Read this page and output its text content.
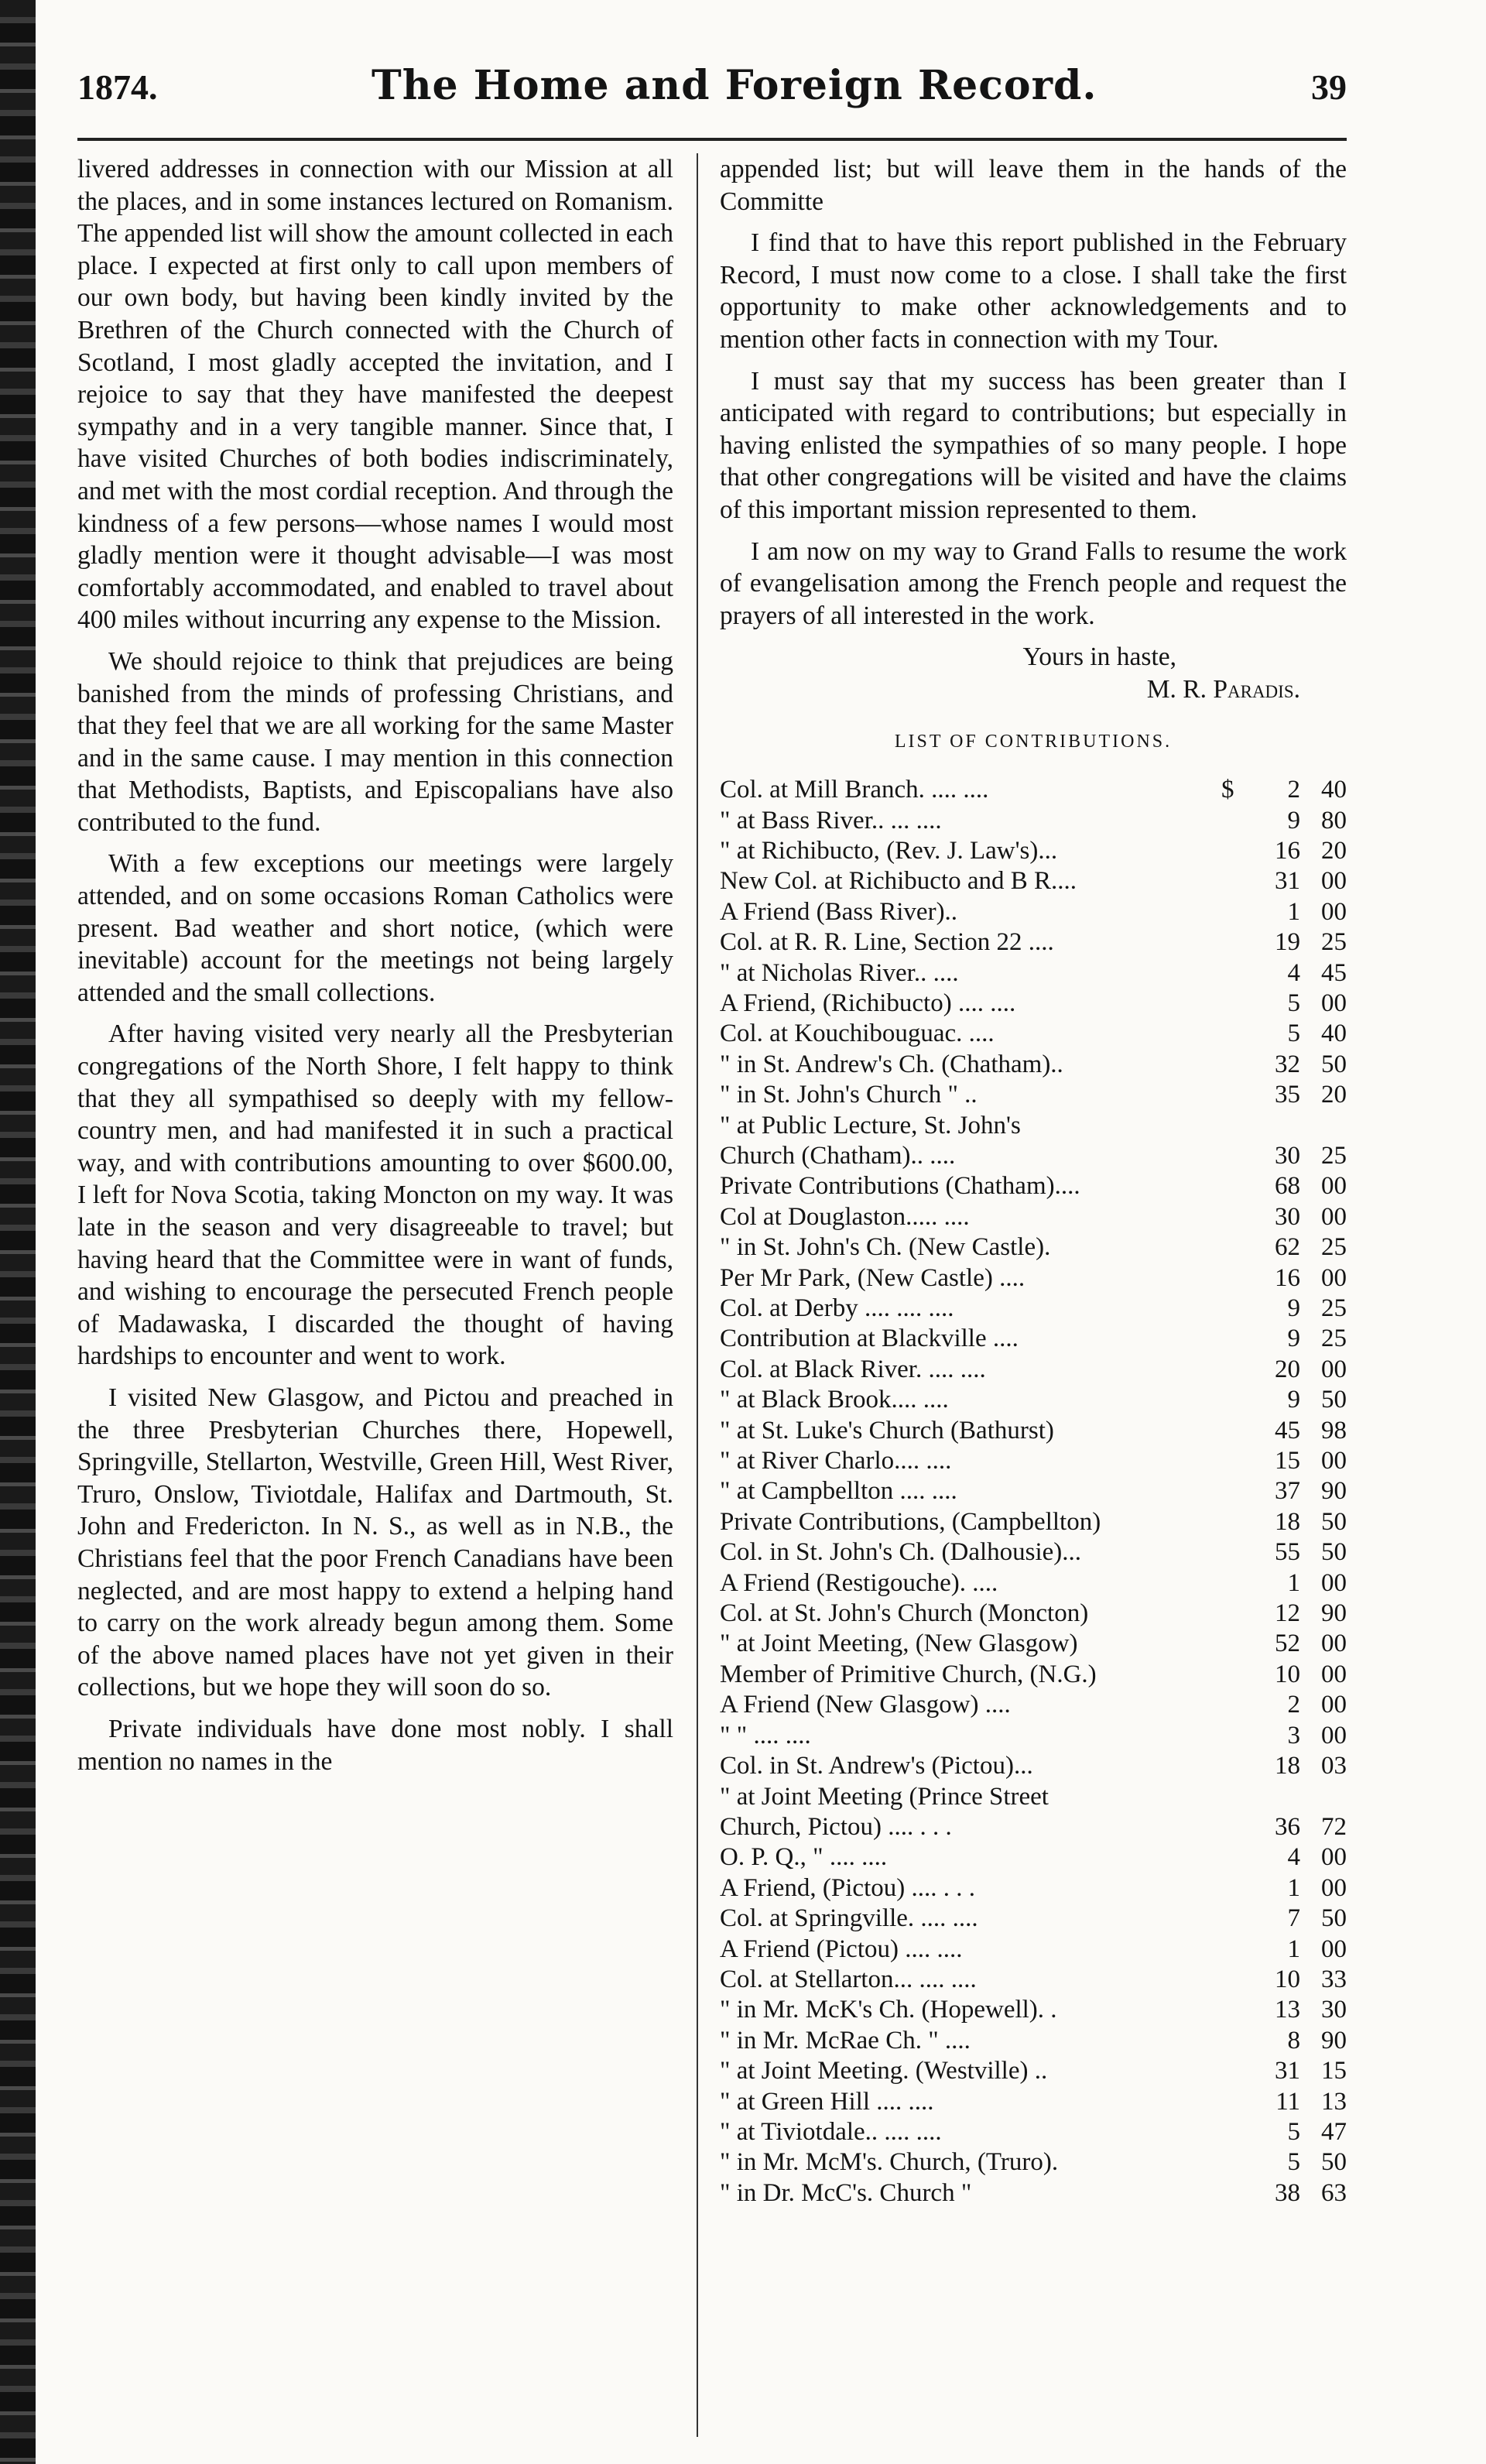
1874.	The Home and Foreign Record.	39

livered addresses in connection with our Mission at all the places, and in some instances lectured on Romanism. The appended list will show the amount collected in each place. I expected at first only to call upon members of our own body, but having been kindly invited by the Brethren of the Church connected with the Church of Scotland, I most gladly accepted the invitation, and I rejoice to say that they have manifested the deepest sympathy and in a very tangible manner. Since that, I have visited Churches of both bodies indiscriminately, and met with the most cordial reception. And through the kindness of a few persons—whose names I would most gladly mention were it thought advisable—I was most comfortably accommodated, and enabled to travel about 400 miles without incurring any expense to the Mission.

We should rejoice to think that prejudices are being banished from the minds of professing Christians, and that they feel that we are all working for the same Master and in the same cause. I may mention in this connection that Methodists, Baptists, and Episcopalians have also contributed to the fund.

With a few exceptions our meetings were largely attended, and on some occasions Roman Catholics were present. Bad weather and short notice, (which were inevitable) account for the meetings not being largely attended and the small collections.

After having visited very nearly all the Presbyterian congregations of the North Shore, I felt happy to think that they all sympathised so deeply with my fellow-country men, and had manifested it in such a practical way, and with contributions amounting to over $600.00, I left for Nova Scotia, taking Moncton on my way. It was late in the season and very disagreeable to travel; but having heard that the Committee were in want of funds, and wishing to encourage the persecuted French people of Madawaska, I discarded the thought of having hardships to encounter and went to work.

I visited New Glasgow, and Pictou and preached in the three Presbyterian Churches there, Hopewell, Springville, Stellarton, Westville, Green Hill, West River, Truro, Onslow, Tiviotdale, Halifax and Dartmouth, St. John and Fredericton. In N. S., as well as in N.B., the Christians feel that the poor French Canadians have been neglected, and are most happy to extend a helping hand to carry on the work already begun among them. Some of the above named places have not yet given in their collections, but we hope they will soon do so.

Private individuals have done most nobly. I shall mention no names in the

appended list; but will leave them in the hands of the Committe

I find that to have this report published in the February Record, I must now come to a close. I shall take the first opportunity to make other acknowledgements and to mention other facts in connection with my Tour.

I must say that my success has been greater than I anticipated with regard to contributions; but especially in having enlisted the sympathies of so many people. I hope that other congregations will be visited and have the claims of this important mission represented to them.

I am now on my way to Grand Falls to resume the work of evangelisation among the French people and request the prayers of all interested in the work.

Yours in haste,
M. R. Paradis.

LIST OF CONTRIBUTIONS.
Col. at Mill Branch. .... ....	$	2 40
" at Bass River.. ... ....	9 80
" at Richibucto, (Rev. J. Law's)...	16 20
New Col. at Richibucto and B R....	31 00
A Friend (Bass River)..	1 00
Col. at R. R. Line, Section 22 ....	19 25
" at Nicholas River.. ....	4 45
A Friend, (Richibucto) .... ....	5 00
Col. at Kouchibouguac. ....	5 40
" in St. Andrew's Ch. (Chatham)..	32 50
" in St. John's Church " ..	35 20
" at Public Lecture, St. John's
Church (Chatham).. ....	30 25
Private Contributions (Chatham)....	68 00
Col at Douglaston..... ....	30 00
" in St. John's Ch. (New Castle).	62 25
Per Mr Park, (New Castle) ....	16 00
Col. at Derby .... .... ....	9 25
Contribution at Blackville ....	9 25
Col. at Black River. .... ....	20 00
" at Black Brook.... ....	9 50
" at St. Luke's Church (Bathurst)	45 98
" at River Charlo.... ....	15 00
" at Campbellton .... ....	37 90
Private Contributions, (Campbellton)	18 50
Col. in St. John's Ch. (Dalhousie)...	55 50
A Friend (Restigouche). ....	1 00
Col. at St. John's Church (Moncton)	12 90
" at Joint Meeting, (New Glasgow)	52 00
Member of Primitive Church, (N.G.)	10 00
A Friend (New Glasgow) ....	2 00
" " .... ....	3 00
Col. in St. Andrew's (Pictou)...	18 03
" at Joint Meeting (Prince Street
Church, Pictou) .... . . .	36 72
O. P. Q., " .... ....	4 00
A Friend, (Pictou) .... . . .	1 00
Col. at Springville. .... ....	7 50
A Friend (Pictou) .... ....	1 00
Col. at Stellarton... .... ....	10 33
" in Mr. McK's Ch. (Hopewell). .	13 30
" in Mr. McRae Ch. " ....	8 90
" at Joint Meeting. (Westville) ..	31 15
" at Green Hill .... ....	11 13
" at Tiviotdale.. .... ....	5 47
" in Mr. McM's. Church, (Truro).	5 50
" in Dr. McC's. Church "	38 63
